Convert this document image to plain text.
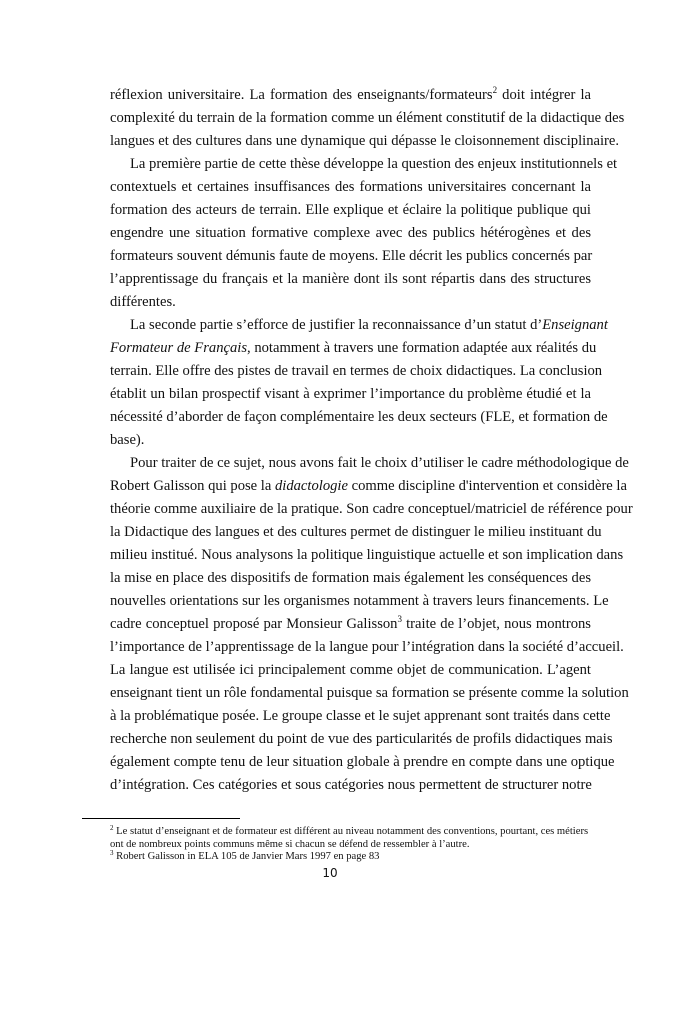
réflexion universitaire. La formation des enseignants/formateurs$^2$ doit intégrer la
complexité du terrain de la formation comme un élément constitutif de la didactique des
langues et des cultures dans une dynamique qui dépasse le cloisonnement disciplinaire.
La première partie de cette thèse développe la question des enjeux institutionnels et
contextuels et certaines insuffisances des formations universitaires concernant la
formation des acteurs de terrain. Elle explique et éclaire la politique publique qui
engendre une situation formative complexe avec des publics hétérogènes et des
formateurs souvent démunis faute de moyens. Elle décrit les publics concernés par
l’apprentissage du français et la manière dont ils sont répartis dans des structures
différentes.
La seconde partie s’efforce de justifier la reconnaissance d’un statut d’Enseignant
Formateur de Français, notamment à travers une formation adaptée aux réalités du
terrain. Elle offre des pistes de travail en termes de choix didactiques. La conclusion
établit un bilan prospectif visant à exprimer l’importance du problème étudié et la
nécessité d’aborder de façon complémentaire les deux secteurs (FLE, et formation de
base).
Pour traiter de ce sujet, nous avons fait le choix d’utiliser le cadre méthodologique de
Robert Galisson qui pose la didactologie comme discipline d'intervention et considère la
théorie comme auxiliaire de la pratique. Son cadre conceptuel/matriciel de référence pour
la Didactique des langues et des cultures permet de distinguer le milieu instituant du
milieu institué. Nous analysons la politique linguistique actuelle et son implication dans
la mise en place des dispositifs de formation mais également les conséquences des
nouvelles orientations sur les organismes notamment à travers leurs financements. Le
cadre conceptuel proposé par Monsieur Galisson$^3$ traite de l’objet, nous montrons
l’importance de l’apprentissage de la langue pour l’intégration dans la société d’accueil.
La langue est utilisée ici principalement comme objet de communication. L’agent
enseignant tient un rôle fondamental puisque sa formation se présente comme la solution
à la problématique posée. Le groupe classe et le sujet apprenant sont traités dans cette
recherche non seulement du point de vue des particularités de profils didactiques mais
également compte tenu de leur situation globale à prendre en compte dans une optique
d’intégration. Ces catégories et sous catégories nous permettent de structurer notre
$^2$ Le statut d’enseignant et de formateur est différent au niveau notamment des conventions, pourtant, ces métiers ont de nombreux points communs même si chacun se défend de ressembler à l’autre.
$^3$ Robert Galisson in ELA 105 de Janvier Mars 1997 en page 83
10
